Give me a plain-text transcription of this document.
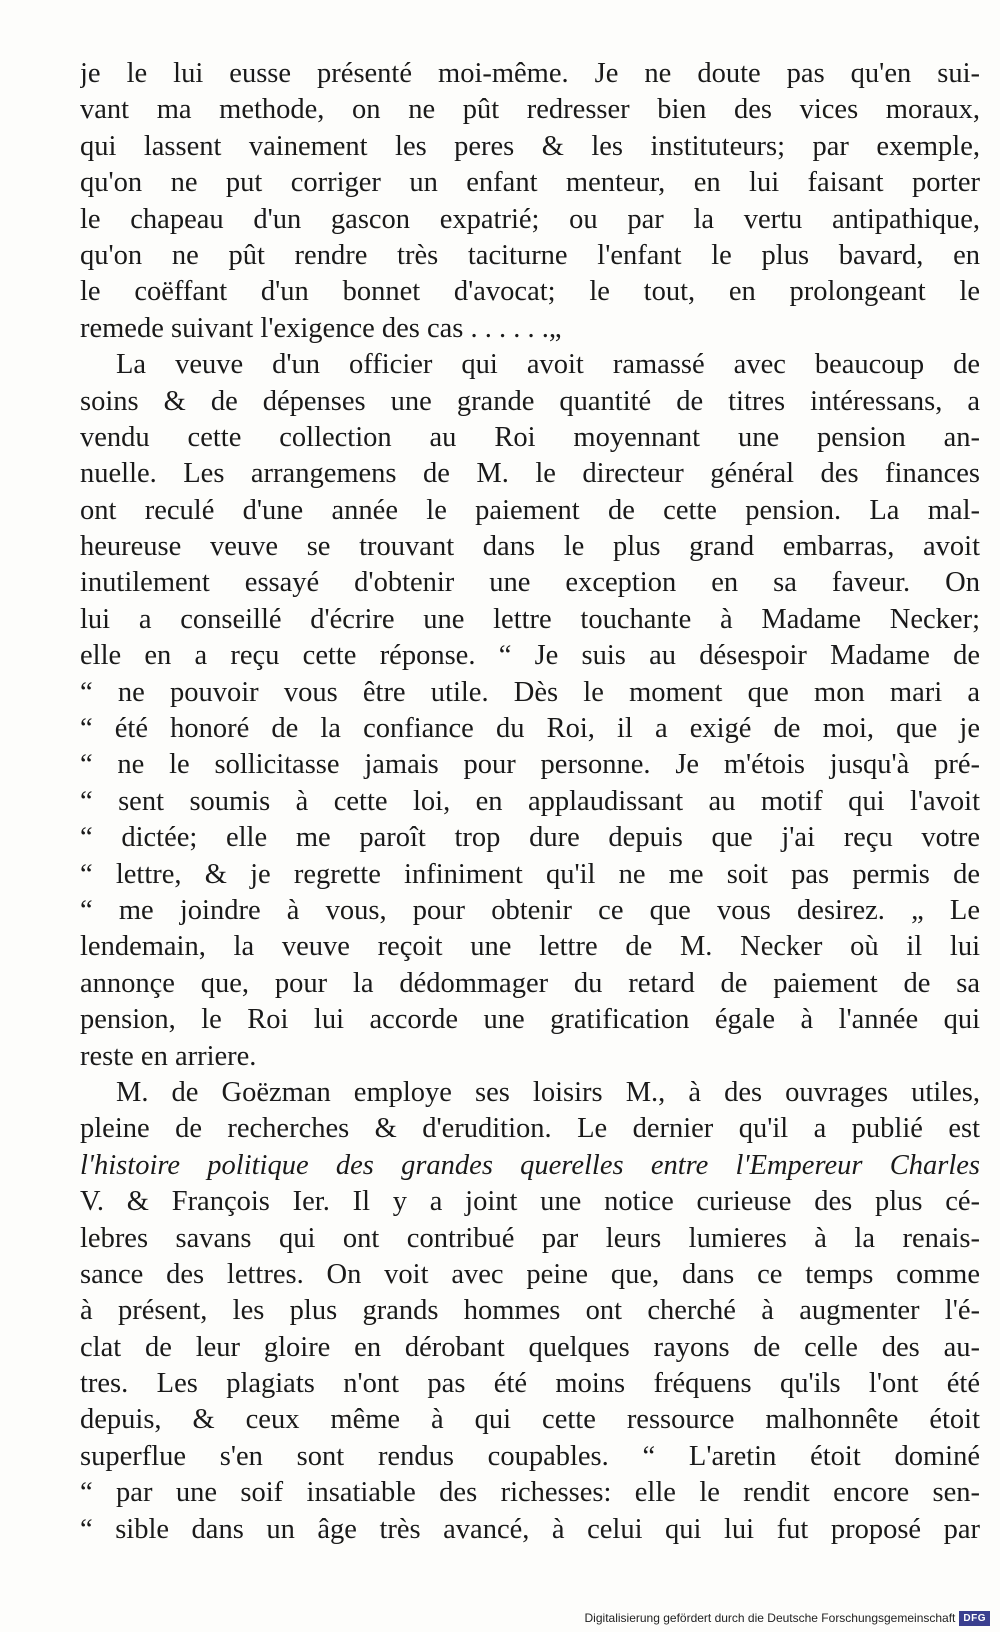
je le lui eusse présenté moi-même. Je ne doute pas qu'en sui-
vant ma methode, on ne pût redresser bien des vices moraux,
qui lassent vainement les peres & les instituteurs; par exemple,
qu'on ne put corriger un enfant menteur, en lui faisant porter
le chapeau d'un gascon expatrié; ou par la vertu antipathique,
qu'on ne pût rendre très taciturne l'enfant le plus bavard, en
le coëffant d'un bonnet d'avocat; le tout, en prolongeant le
remede suivant l'exigence des cas . . . . . .„
La veuve d'un officier qui avoit ramassé avec beaucoup de
soins & de dépenses une grande quantité de titres intéressans, a
vendu cette collection au Roi moyennant une pension an-
nuelle. Les arrangemens de M. le directeur général des finances
ont reculé d'une année le paiement de cette pension. La mal-
heureuse veuve se trouvant dans le plus grand embarras, avoit
inutilement essayé d'obtenir une exception en sa faveur. On
lui a conseillé d'écrire une lettre touchante à Madame Necker;
elle en a reçu cette réponse. “ Je suis au désespoir Madame de
“ ne pouvoir vous être utile. Dès le moment que mon mari a
“ été honoré de la confiance du Roi, il a exigé de moi, que je
“ ne le sollicitasse jamais pour personne. Je m'étois jusqu'à pré-
“ sent soumis à cette loi, en applaudissant au motif qui l'avoit
“ dictée; elle me paroît trop dure depuis que j'ai reçu votre
“ lettre, & je regrette infiniment qu'il ne me soit pas permis de
“ me joindre à vous, pour obtenir ce que vous desirez. „ Le
lendemain, la veuve reçoit une lettre de M. Necker où il lui
annonçe que, pour la dédommager du retard de paiement de sa
pension, le Roi lui accorde une gratification égale à l'année qui
reste en arriere.
M. de Goëzman employe ses loisirs M., à des ouvrages utiles,
pleine de recherches & d'erudition. Le dernier qu'il a publié est
l'histoire politique des grandes querelles entre l'Empereur Charles
V. & François Ier. Il y a joint une notice curieuse des plus cé-
lebres savans qui ont contribué par leurs lumieres à la renais-
sance des lettres. On voit avec peine que, dans ce temps comme
à présent, les plus grands hommes ont cherché à augmenter l'é-
clat de leur gloire en dérobant quelques rayons de celle des au-
tres. Les plagiats n'ont pas été moins fréquens qu'ils l'ont été
depuis, & ceux même à qui cette ressource malhonnête étoit
superflue s'en sont rendus coupables. “ L'aretin étoit dominé
“ par une soif insatiable des richesses: elle le rendit encore sen-
“ sible dans un âge très avancé, à celui qui lui fut proposé par
Digitalisierung gefördert durch die Deutsche Forschungsgemeinschaft DFG
